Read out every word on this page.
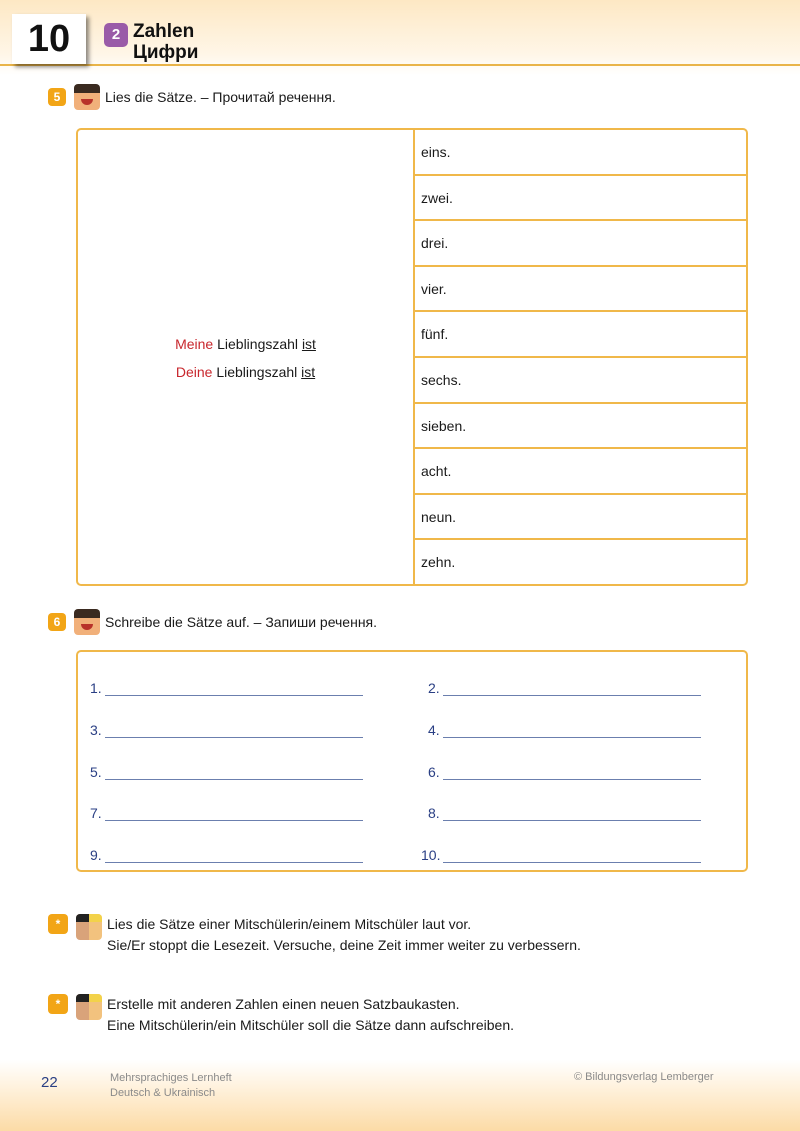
10	2 Zahlen
Цифри
5	Lies die Sätze. – Прочитай речення.
Meine Lieblingszahl ist
Deine Lieblingszahl ist
eins.
zwei.
drei.
vier.
fünf.
sechs.
sieben.
acht.
neun.
zehn.
6	Schreibe die Sätze auf. – Запиши речення.
1.	2.
3.	4.
5.	6.
7.	8.
9.	10.
*	Lies die Sätze einer Mitschülerin/einem Mitschüler laut vor.
Sie/Er stoppt die Lesezeit. Versuche, deine Zeit immer weiter zu verbessern.
*	Erstelle mit anderen Zahlen einen neuen Satzbaukasten.
Eine Mitschülerin/ein Mitschüler soll die Sätze dann aufschreiben.
22	Mehrsprachiges Lernheft
Deutsch & Ukrainisch
© Bildungsverlag Lemberger
